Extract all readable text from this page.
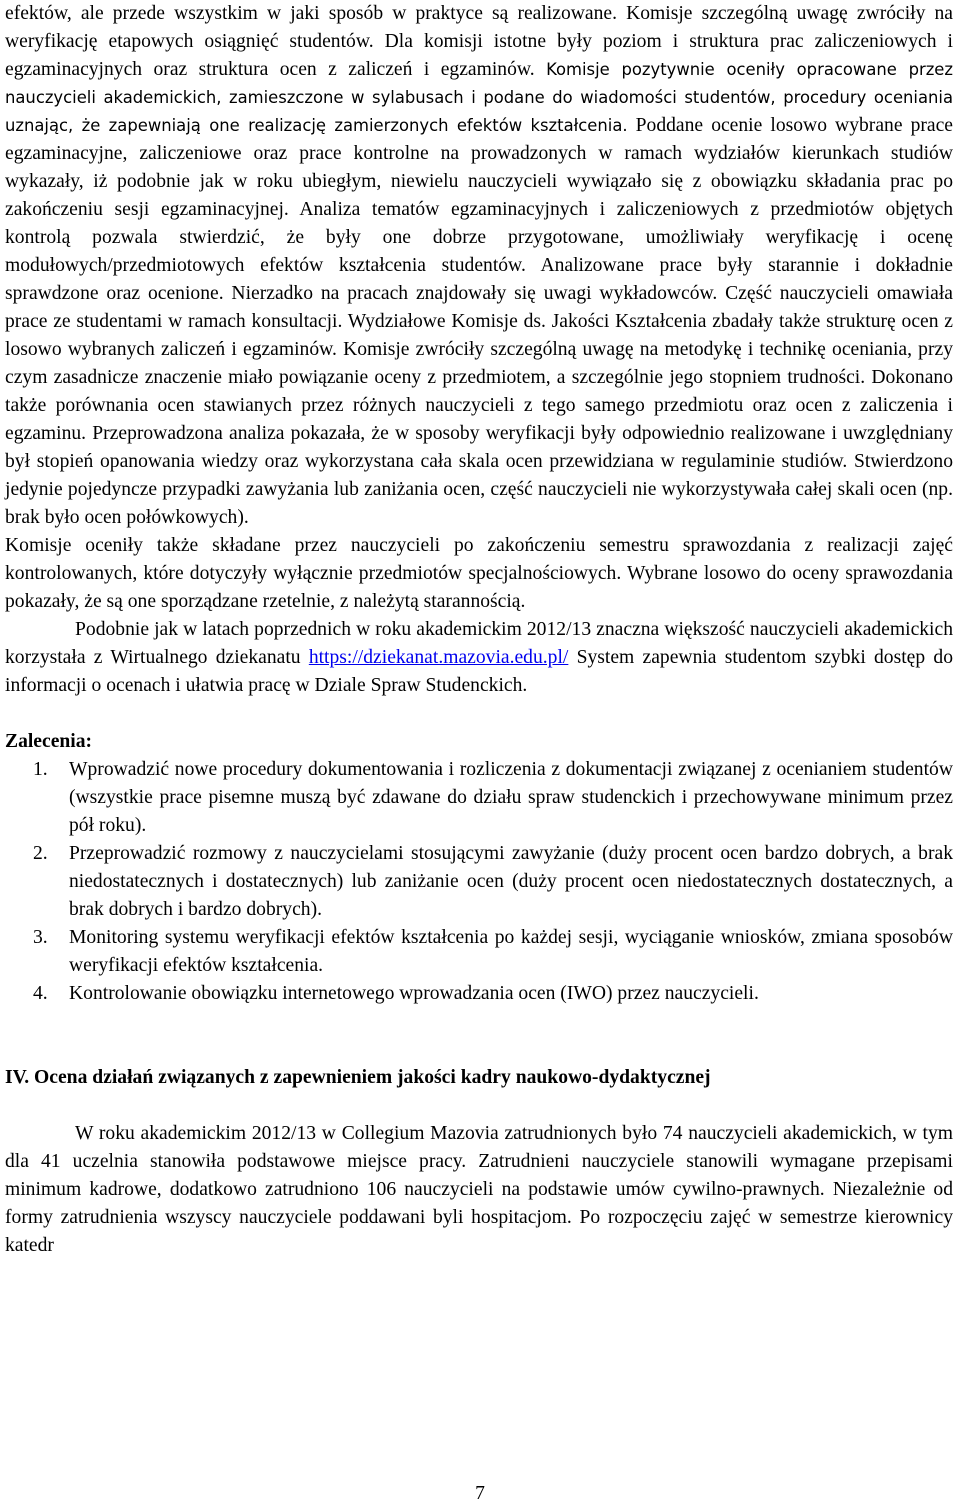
efektów, ale przede wszystkim w jaki sposób w praktyce są realizowane. Komisje szczególną uwagę zwróciły na weryfikację etapowych osiągnięć studentów. Dla komisji istotne były poziom i struktura prac zaliczeniowych i egzaminacyjnych oraz struktura ocen z zaliczeń i egzaminów. Komisje pozytywnie oceniły opracowane przez nauczycieli akademickich, zamieszczone w sylabusach i podane do wiadomości studentów, procedury oceniania uznając, że zapewniają one realizację zamierzonych efektów kształcenia. Poddane ocenie losowo wybrane prace egzaminacyjne, zaliczeniowe oraz prace kontrolne na prowadzonych w ramach wydziałów kierunkach studiów wykazały, iż podobnie jak w roku ubiegłym, niewielu nauczycieli wywiązało się z obowiązku składania prac po zakończeniu sesji egzaminacyjnej. Analiza tematów egzaminacyjnych i zaliczeniowych z przedmiotów objętych kontrolą pozwala stwierdzić, że były one dobrze przygotowane, umożliwiały weryfikację i ocenę modułowych/przedmiotowych efektów kształcenia studentów. Analizowane prace były starannie i dokładnie sprawdzone oraz ocenione. Nierzadko na pracach znajdowały się uwagi wykładowców. Część nauczycieli omawiała prace ze studentami w ramach konsultacji. Wydziałowe Komisje ds. Jakości Kształcenia zbadały także strukturę ocen z losowo wybranych zaliczeń i egzaminów. Komisje zwróciły szczególną uwagę na metodykę i technikę oceniania, przy czym zasadnicze znaczenie miało powiązanie oceny z przedmiotem, a szczególnie jego stopniem trudności. Dokonano także porównania ocen stawianych przez różnych nauczycieli z tego samego przedmiotu oraz ocen z zaliczenia i egzaminu. Przeprowadzona analiza pokazała, że w sposoby weryfikacji były odpowiednio realizowane i uwzględniany był stopień opanowania wiedzy oraz wykorzystana cała skala ocen przewidziana w regulaminie studiów. Stwierdzono jedynie pojedyncze przypadki zawyżania lub zaniżania ocen, część nauczycieli nie wykorzystywała całej skali ocen (np. brak było ocen połówkowych).

Komisje oceniły także składane przez nauczycieli po zakończeniu semestru sprawozdania z realizacji zajęć kontrolowanych, które dotyczyły wyłącznie przedmiotów specjalnościowych. Wybrane losowo do oceny sprawozdania pokazały, że są one sporządzane rzetelnie, z należytą starannością.

Podobnie jak w latach poprzednich w roku akademickim 2012/13 znaczna większość nauczycieli akademickich korzystała z Wirtualnego dziekanatu https://dziekanat.mazovia.edu.pl/ System zapewnia studentom szybki dostęp do informacji o ocenach i ułatwia pracę w Dziale Spraw Studenckich.

Zalecenia:
1. Wprowadzić nowe procedury dokumentowania i rozliczenia z dokumentacji związanej z ocenianiem studentów (wszystkie prace pisemne muszą być zdawane do działu spraw studenckich i przechowywane minimum przez pół roku).

2. Przeprowadzić rozmowy z nauczycielami stosującymi zawyżanie (duży procent ocen bardzo dobrych, a brak niedostatecznych i dostatecznych) lub zaniżanie ocen (duży procent ocen niedostatecznych dostatecznych, a brak dobrych i bardzo dobrych).

3. Monitoring systemu weryfikacji efektów kształcenia po każdej sesji, wyciąganie wniosków, zmiana sposobów weryfikacji efektów kształcenia.

4. Kontrolowanie obowiązku internetowego wprowadzania ocen (IWO) przez nauczycieli.

IV. Ocena działań związanych z zapewnieniem jakości kadry naukowo-dydaktycznej

W roku akademickim 2012/13 w Collegium Mazovia zatrudnionych było 74 nauczycieli akademickich, w tym dla 41 uczelnia stanowiła podstawowe miejsce pracy. Zatrudnieni nauczyciele stanowili wymagane przepisami minimum kadrowe, dodatkowo zatrudniono 106 nauczycieli na podstawie umów cywilno-prawnych. Niezależnie od formy zatrudnienia wszyscy nauczyciele poddawani byli hospitacjom. Po rozpoczęciu zajęć w semestrze kierownicy katedr

7
